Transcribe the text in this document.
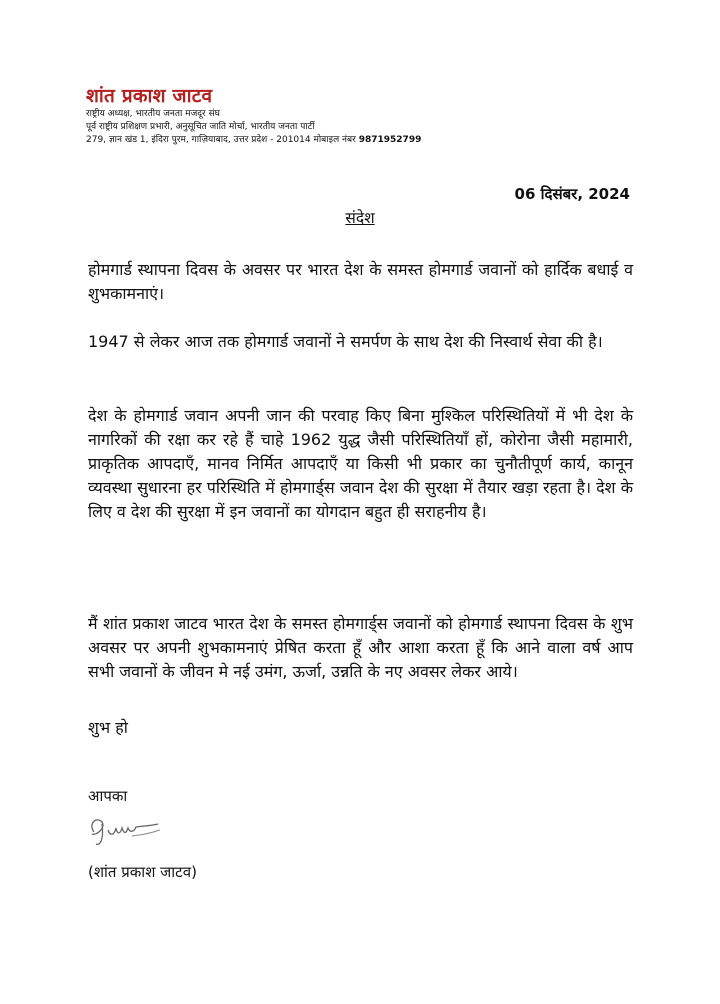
शांत प्रकाश जाटव
राष्ट्रीय अध्यक्ष, भारतीय जनता मजदूर संघ
पूर्व राष्ट्रीय प्रशिक्षण प्रभारी, अनुसूचित जाति मोर्चा, भारतीय जनता पार्टी
279, ज्ञान खंड 1, इंदिरा पुरम, गाज़ियाबाद, उत्तर प्रदेश - 201014 मोबाइल नंबर 9871952799
06 दिसंबर, 2024
संदेश
होमगार्ड स्थापना दिवस के अवसर पर भारत देश के समस्त होमगार्ड जवानों को हार्दिक बधाई व शुभकामनाएं।
1947 से लेकर आज तक होमगार्ड जवानों ने समर्पण के साथ देश की निस्वार्थ सेवा की है।
देश के होमगार्ड जवान अपनी जान की परवाह किए बिना मुश्किल परिस्थितियों में भी देश के नागरिकों की रक्षा कर रहे हैं चाहे 1962 युद्ध जैसी परिस्थितियाँ हों, कोरोना जैसी महामारी, प्राकृतिक आपदाएँ, मानव निर्मित आपदाएँ या किसी भी प्रकार का चुनौतीपूर्ण कार्य, कानून व्यवस्था सुधारना हर परिस्थिति में होमगार्ड्स जवान देश की सुरक्षा में तैयार खड़ा रहता है। देश के लिए व देश की सुरक्षा में इन जवानों का योगदान बहुत ही सराहनीय है।
मैं शांत प्रकाश जाटव भारत देश के समस्त होमगार्ड्स जवानों को होमगार्ड स्थापना दिवस के शुभ अवसर पर अपनी शुभकामनाएं प्रेषित करता हूँ और आशा करता हूँ कि आने वाला वर्ष आप सभी जवानों के जीवन मे नई उमंग, ऊर्जा, उन्नति के नए अवसर लेकर आये।
शुभ हो
आपका
(शांत प्रकाश जाटव)
